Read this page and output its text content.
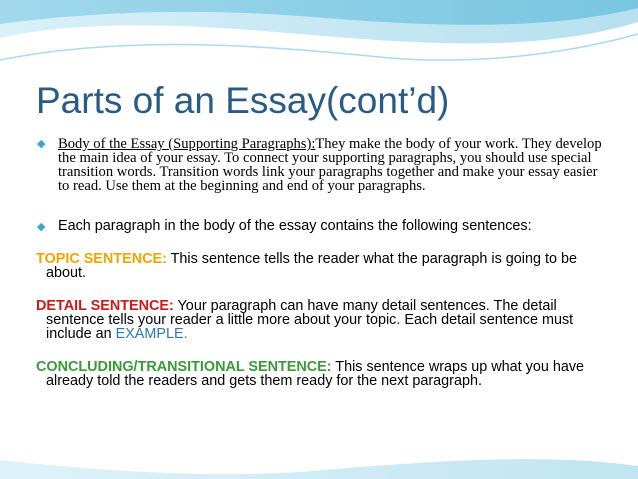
Parts of an Essay(cont’d)
◆ Body of the Essay (Supporting Paragraphs):They make the body of your work. They develop the main idea of your essay. To connect your supporting paragraphs, you should use special transition words. Transition words link your paragraphs together and make your essay easier to read. Use them at the beginning and end of your paragraphs.
◆ Each paragraph in the body of the essay contains the following sentences:
TOPIC SENTENCE: This sentence tells the reader what the paragraph is going to be about.
DETAIL SENTENCE: Your paragraph can have many detail sentences. The detail sentence tells your reader a little more about your topic. Each detail sentence must include an EXAMPLE.
CONCLUDING/TRANSITIONAL SENTENCE: This sentence wraps up what you have already told the readers and gets them ready for the next paragraph.
